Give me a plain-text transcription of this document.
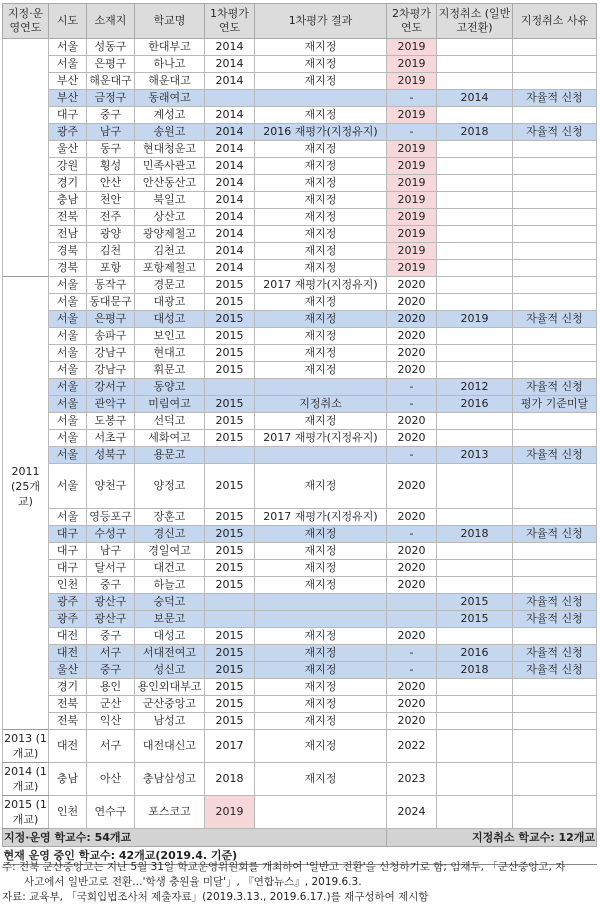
지정·운영연도	시도	소재지	학교명	1차평가 연도	1차평가 결과	2차평가 연도	지정취소 (일반고전환)	지정취소 사유
	서울	성동구	한대부고	2014	재지정	2019		
	서울	은평구	하나고	2014	재지정	2019		
	부산	해운대구	해운대고	2014	재지정	2019		
	부산	금정구	동래여고			-	2014	자율적 신청
	대구	중구	계성고	2014	재지정	2019		
	광주	남구	송원고	2014	2016 재평가(지정유지)	-	2018	자율적 신청
	울산	동구	현대청운고	2014	재지정	2019		
	강원	횡성	민족사관고	2014	재지정	2019		
	경기	안산	안산동산고	2014	재지정	2019		
	충남	천안	북일고	2014	재지정	2019		
	전북	전주	상산고	2014	재지정	2019		
	전남	광양	광양제철고	2014	재지정	2019		
	경북	김천	김천고	2014	재지정	2019		
	경북	포항	포항제철고	2014	재지정	2019		
	서울	동작구	경문고	2015	2017 재평가(지정유지)	2020		
	서울	동대문구	대광고	2015	재지정	2020		
	서울	은평구	대성고	2015	재지정	2020	2019	자율적 신청
	서울	송파구	보인고	2015	재지정	2020		
	서울	강남구	현대고	2015	재지정	2020		
	서울	강남구	휘문고	2015	재지정	2020		
	서울	강서구	동양고			-	2012	자율적 신청
	서울	관악구	미림여고	2015	지정취소	-	2016	평가 기준미달
	서울	도봉구	선덕고	2015	재지정	2020		
	서울	서초구	세화여고	2015	2017 재평가(지정유지)	2020		
	서울	성북구	용문고			-	2013	자율적 신청
2011 (25개교)	서울	양천구	양정고	2015	재지정	2020		
	서울	영등포구	장훈고	2015	2017 재평가(지정유지)	2020		
	대구	수성구	경신고	2015	재지정	-	2018	자율적 신청
	대구	남구	경일여고	2015	재지정	2020		
	대구	달서구	대건고	2015	재지정	2020		
	인천	중구	하늘고	2015	재지정	2020		
	광주	광산구	숭덕고				2015	자율적 신청
	광주	광산구	보문고				2015	자율적 신청
	대전	중구	대성고	2015	재지정	2020		
	대전	서구	서대전여고	2015	재지정	-	2016	자율적 신청
	울산	중구	성신고	2015	재지정	-	2018	자율적 신청
	경기	용인	용인외대부고	2015	재지정	2020		
	전북	군산	군산중앙고	2015	재지정	2020		
	전북	익산	남성고	2015	재지정	2020		
2013 (1개교)	대전	서구	대전대신고	2017	재지정	2022		
2014 (1개교)	충남	아산	충남삼성고	2018	재지정	2023		
2015 (1개교)	인천	연수구	포스코고	2019		2024		
지정·운영 학교수: 54개교						지정취소 학교수: 12개교		
현재 운영 중인 학교수: 42개교(2019.4. 기준)								

주: 전북 군산중앙고는 지난 5월 31일 학교운영위원회를 개최하여 '일반고 전환'을 신청하기로 함; 임채두, 「군산중앙고, 자

사고에서 일반고로 전환…'학생 충원율 미달'」, 『연합뉴스』, 2019.6.3.

자료: 교육부, 「국회입법조사처 제출자료」(2019.3.13., 2019.6.17.)를 재구성하여 제시함
